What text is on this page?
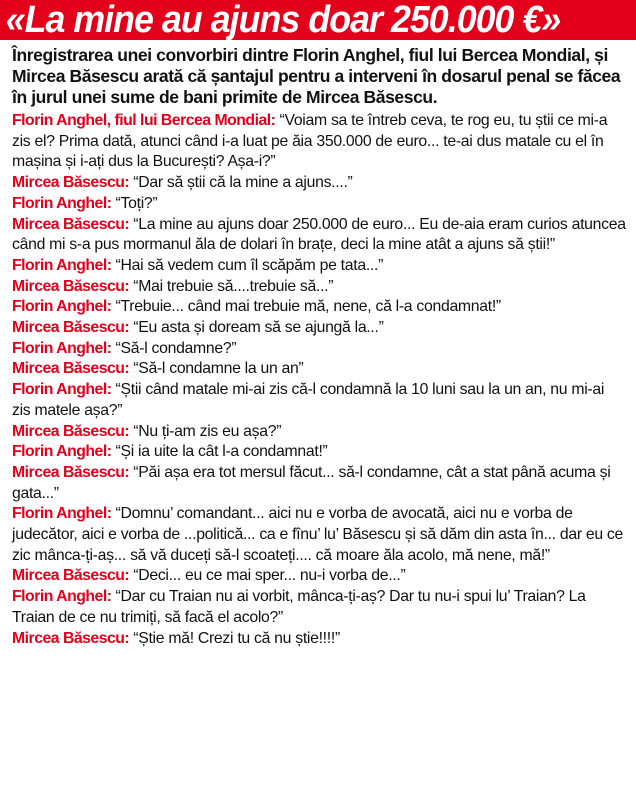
«La mine au ajuns doar 250.000 €»
Înregistrarea unei convorbiri dintre Florin Anghel, fiul lui Bercea Mondial, și Mircea Băsescu arată că șantajul pentru a interveni în dosarul penal se făcea în jurul unei sume de bani primite de Mircea Băsescu.
Florin Anghel, fiul lui Bercea Mondial: “Voiam sa te întreb ceva, te rog eu, tu știi ce mi-a zis el? Prima dată, atunci când i-a luat pe ăia 350.000 de euro... te-ai dus matale cu el în mașina și i-ați dus la București? Așa-i?”
Mircea Băsescu: “Dar să știi că la mine a ajuns....”
Florin Anghel: “Toți?”
Mircea Băsescu: “La mine au ajuns doar 250.000 de euro... Eu de-aia eram curios atuncea când mi s-a pus mormanul ăla de dolari în brațe, deci la mine atât a ajuns să știi!”
Florin Anghel: “Hai să vedem cum îl scăpăm pe tata...”
Mircea Băsescu: “Mai trebuie să....trebuie să...”
Florin Anghel: “Trebuie... când mai trebuie mă, nene, că l-a condamnat!”
Mircea Băsescu: “Eu asta și doream să se ajungă la...”
Florin Anghel: “Să-l condamne?”
Mircea Băsescu: “Să-l condamne la un an”
Florin Anghel: “Știi când matale mi-ai zis că-l condamnă la 10 luni sau la un an, nu mi-ai zis matele așa?”
Mircea Băsescu: “Nu ți-am zis eu așa?”
Florin Anghel: “Și ia uite la cât l-a condamnat!”
Mircea Băsescu: “Păi așa era tot mersul făcut... să-l condamne, cât a stat până acuma și gata...”
Florin Anghel: “Domnu’ comandant... aici nu e vorba de avocată, aici nu e vorba de judecător, aici e vorba de ...politică... ca e fînu’ lu’ Băsescu și să dăm din asta în... dar eu ce zic mânca-ți-aș... să vă duceți să-l scoateți.... că moare ăla acolo, mă nene, mă!”
Mircea Băsescu: “Deci... eu ce mai sper... nu-i vorba de...”
Florin Anghel: “Dar cu Traian nu ai vorbit, mânca-ți-aș? Dar tu nu-i spui lu’ Traian? La Traian de ce nu trimiți, să facă el acolo?”
Mircea Băsescu: “Știe mă! Crezi tu că nu știe!!!!”
